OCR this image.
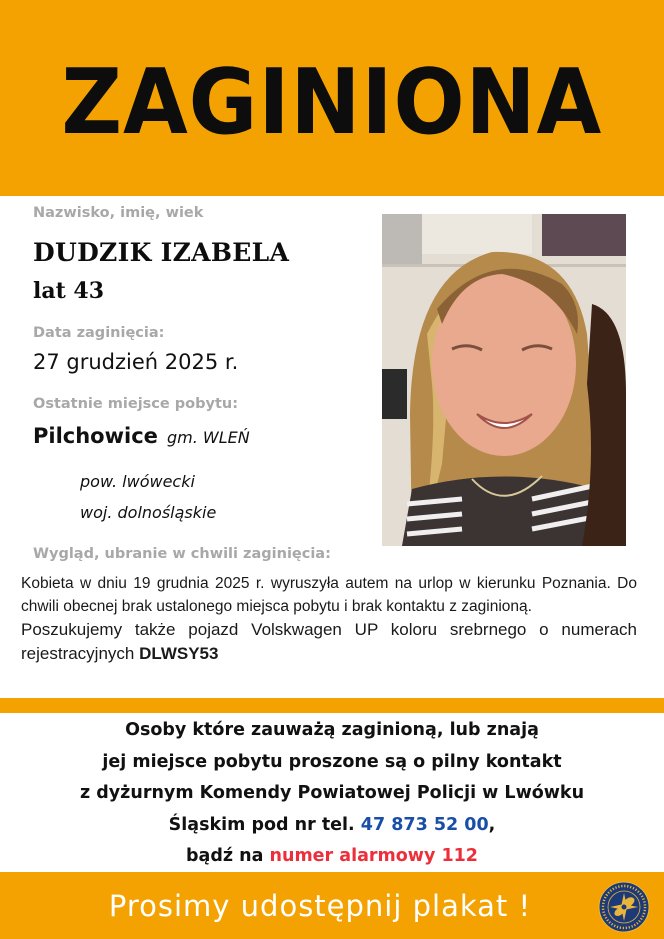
ZAGINIONA
Nazwisko, imię, wiek
DUDZIK IZABELA
lat 43
Data zaginięcia:
27 grudzień 2025 r.
Ostatnie miejsce pobytu:
Pilchowice gm. WLEŃ
pow. lwówecki
woj. dolnośląskie
Wygląd, ubranie w chwili zaginięcia:

Kobieta w dniu 19 grudnia 2025 r. wyruszyła autem na urlop w kierunku Poznania. Do chwili obecnej brak ustalonego miejsca pobytu i brak kontaktu z zaginioną.

Poszukujemy także pojazd Volskwagen UP koloru srebrnego o numerach rejestracyjnych DLWSY53

Osoby które zauważą zaginioną, lub znają
jej miejsce pobytu proszone są o pilny kontakt
z dyżurnym Komendy Powiatowej Policji w Lwówku
Śląskim pod nr tel. 47 873 52 00,
bądź na numer alarmowy 112
Prosimy udostępnij plakat !
